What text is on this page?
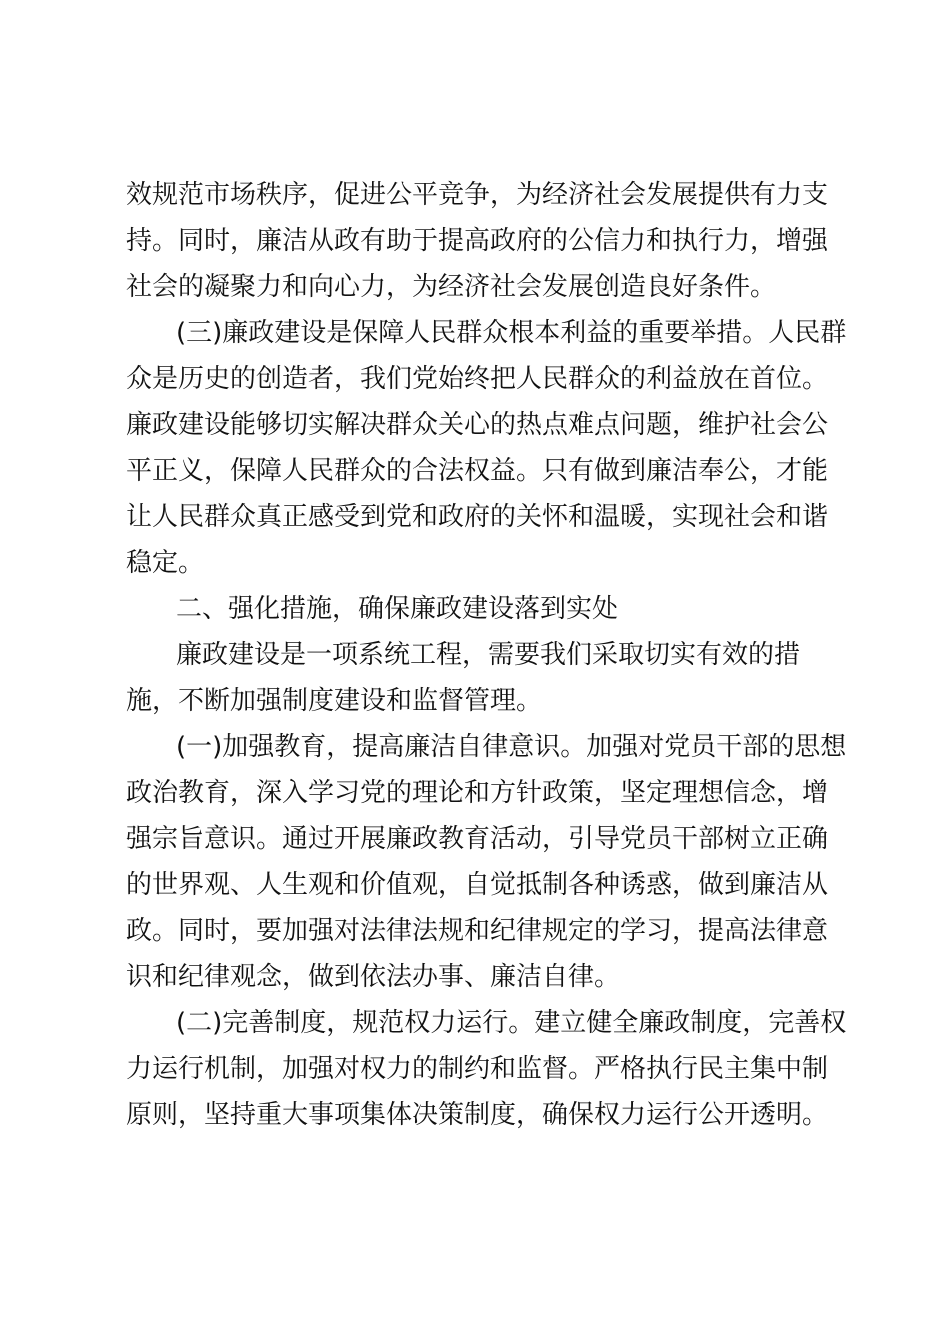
效规范市场秩序，促进公平竞争，为经济社会发展提供有力支
持。同时，廉洁从政有助于提高政府的公信力和执行力，增强
社会的凝聚力和向心力，为经济社会发展创造良好条件。
(三)廉政建设是保障人民群众根本利益的重要举措。人民群
众是历史的创造者，我们党始终把人民群众的利益放在首位。
廉政建设能够切实解决群众关心的热点难点问题，维护社会公
平正义，保障人民群众的合法权益。只有做到廉洁奉公，才能
让人民群众真正感受到党和政府的关怀和温暖，实现社会和谐
稳定。
二、强化措施，确保廉政建设落到实处
廉政建设是一项系统工程，需要我们采取切实有效的措
施，不断加强制度建设和监督管理。
(一)加强教育，提高廉洁自律意识。加强对党员干部的思想
政治教育，深入学习党的理论和方针政策，坚定理想信念，增
强宗旨意识。通过开展廉政教育活动，引导党员干部树立正确
的世界观、人生观和价值观，自觉抵制各种诱惑，做到廉洁从
政。同时，要加强对法律法规和纪律规定的学习，提高法律意
识和纪律观念，做到依法办事、廉洁自律。
(二)完善制度，规范权力运行。建立健全廉政制度，完善权
力运行机制，加强对权力的制约和监督。严格执行民主集中制
原则，坚持重大事项集体决策制度，确保权力运行公开透明。
